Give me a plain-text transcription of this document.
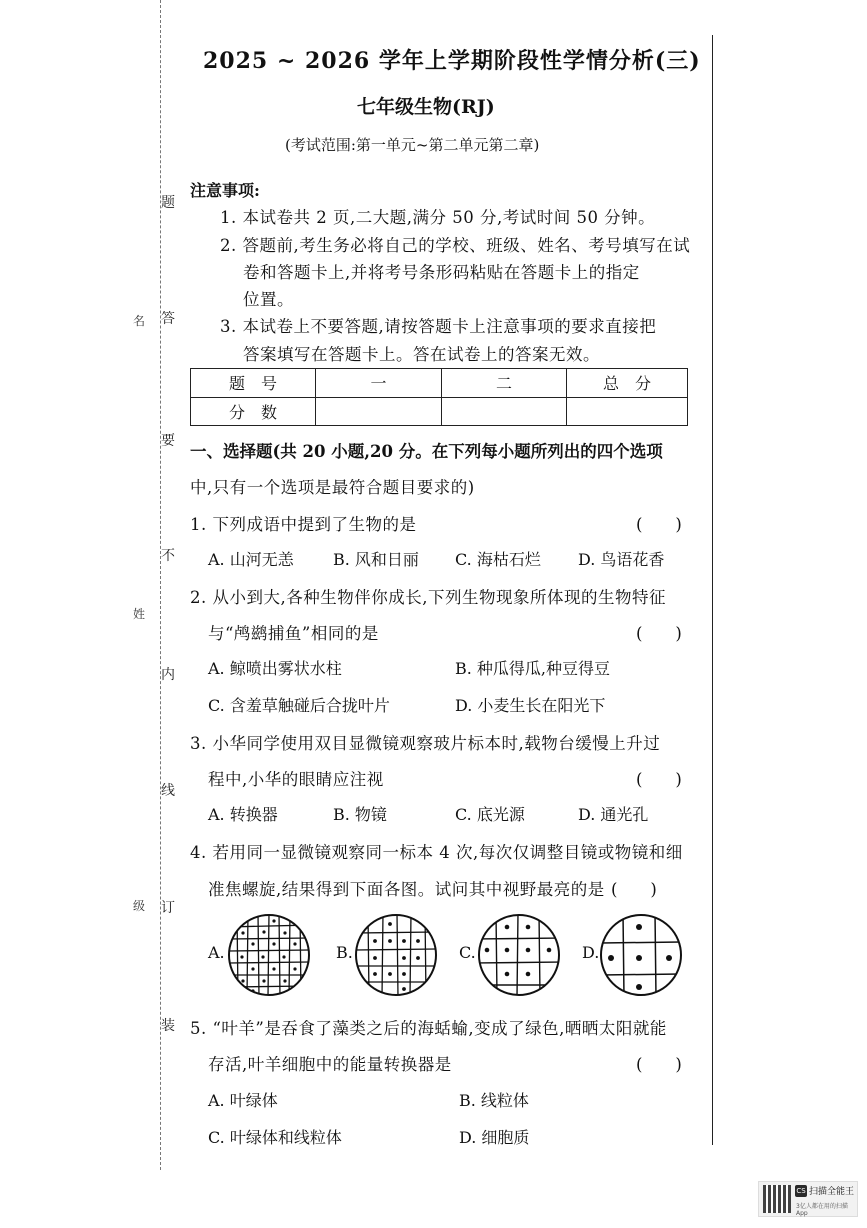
题
答
要
不
内
线
订
装
名
姓
级
2025 ~ 2026 学年上学期阶段性学情分析(三)
七年级生物(RJ)
(考试范围:第一单元~第二单元第二章)
注意事项:
1. 本试卷共 2 页,二大题,满分 50 分,考试时间 50 分钟。
2. 答题前,考生务必将自己的学校、班级、姓名、考号填写在试
卷和答题卡上,并将考号条形码粘贴在答题卡上的指定
位置。
3. 本试卷上不要答题,请按答题卡上注意事项的要求直接把
答案填写在答题卡上。答在试卷上的答案无效。
题　号	一	二	总　分
分　数			
一、选择题(共 20 小题,20 分。在下列每小题所列出的四个选项
中,只有一个选项是最符合题目要求的)
1. 下列成语中提到了生物的是	(　　)
A. 山河无恙 B. 风和日丽 C. 海枯石烂 D. 鸟语花香
2. 从小到大,各种生物伴你成长,下列生物现象所体现的生物特征
与“鸬鹚捕鱼”相同的是	(　　)
A. 鲸喷出雾状水柱	B. 种瓜得瓜,种豆得豆
C. 含羞草触碰后合拢叶片	D. 小麦生长在阳光下
3. 小华同学使用双目显微镜观察玻片标本时,载物台缓慢上升过
程中,小华的眼睛应注视	(　　)
A. 转换器	B. 物镜	C. 底光源	D. 通光孔
4. 若用同一显微镜观察同一标本 4 次,每次仅调整目镜或物镜和细
准焦螺旋,结果得到下面各图。试问其中视野最亮的是 (　　)
A.	B.	C.	D.
5. “叶羊”是吞食了藻类之后的海蛞蝓,变成了绿色,晒晒太阳就能
存活,叶羊细胞中的能量转换器是	(　　)
A. 叶绿体	B. 线粒体
C. 叶绿体和线粒体	D. 细胞质
CS 扫描全能王
3亿人都在用的扫描App
